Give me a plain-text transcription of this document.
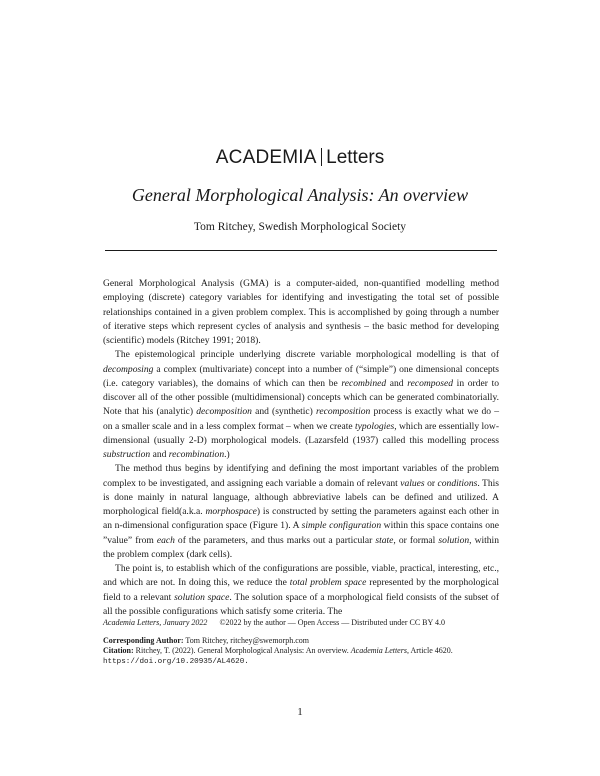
ACADEMIA Letters
General Morphological Analysis: An overview
Tom Ritchey, Swedish Morphological Society

General Morphological Analysis (GMA) is a computer-aided, non-quantified modelling method employing (discrete) category variables for identifying and investigating the total set of possible relationships contained in a given problem complex. This is accomplished by going through a number of iterative steps which represent cycles of analysis and synthesis – the basic method for developing (scientific) models (Ritchey 1991; 2018).

The epistemological principle underlying discrete variable morphological modelling is that of decomposing a complex (multivariate) concept into a number of (“simple”) one dimensional concepts (i.e. category variables), the domains of which can then be recombined and recomposed in order to discover all of the other possible (multidimensional) concepts which can be generated combinatorially. Note that his (analytic) decomposition and (synthetic) recomposition process is exactly what we do – on a smaller scale and in a less complex format – when we create typologies, which are essentially low-dimensional (usually 2-D) morphological models. (Lazarsfeld (1937) called this modelling process substruction and recombination.)

The method thus begins by identifying and defining the most important variables of the problem complex to be investigated, and assigning each variable a domain of relevant values or conditions. This is done mainly in natural language, although abbreviative labels can be defined and utilized. A morphological field(a.k.a. morphospace) is constructed by setting the parameters against each other in an n-dimensional configuration space (Figure 1). A simple configuration within this space contains one ”value” from each of the parameters, and thus marks out a particular state, or formal solution, within the problem complex (dark cells).

The point is, to establish which of the configurations are possible, viable, practical, interesting, etc., and which are not. In doing this, we reduce the total problem space represented by the morphological field to a relevant solution space. The solution space of a morphological field consists of the subset of all the possible configurations which satisfy some criteria. The

Academia Letters, January 2022 ©2022 by the author — Open Access — Distributed under CC BY 4.0
Corresponding Author: Tom Ritchey, ritchey@swemorph.com
Citation: Ritchey, T. (2022). General Morphological Analysis: An overview. Academia Letters, Article 4620.
https://doi.org/10.20935/AL4620.
1
